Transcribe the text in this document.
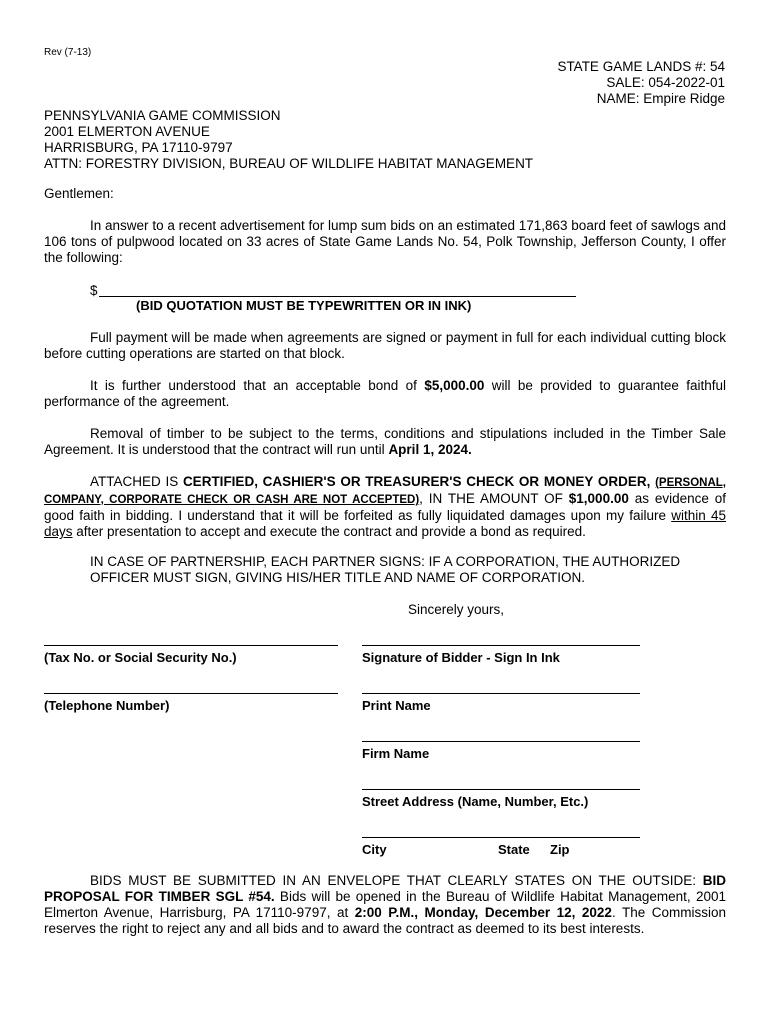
Rev (7-13)
STATE GAME LANDS #: 54
SALE: 054-2022-01
NAME: Empire Ridge
PENNSYLVANIA GAME COMMISSION
2001 ELMERTON AVENUE
HARRISBURG, PA 17110-9797
ATTN: FORESTRY DIVISION, BUREAU OF WILDLIFE HABITAT MANAGEMENT
Gentlemen:
In answer to a recent advertisement for lump sum bids on an estimated 171,863 board feet of sawlogs and 106 tons of pulpwood located on 33 acres of State Game Lands No. 54, Polk Township, Jefferson County, I offer the following:
$
(BID QUOTATION MUST BE TYPEWRITTEN OR IN INK)
Full payment will be made when agreements are signed or payment in full for each individual cutting block before cutting operations are started on that block.
It is further understood that an acceptable bond of $5,000.00 will be provided to guarantee faithful performance of the agreement.
Removal of timber to be subject to the terms, conditions and stipulations included in the Timber Sale Agreement. It is understood that the contract will run until April 1, 2024.
ATTACHED IS CERTIFIED, CASHIER'S OR TREASURER'S CHECK OR MONEY ORDER, (PERSONAL, COMPANY, CORPORATE CHECK OR CASH ARE NOT ACCEPTED), IN THE AMOUNT OF $1,000.00 as evidence of good faith in bidding. I understand that it will be forfeited as fully liquidated damages upon my failure within 45 days after presentation to accept and execute the contract and provide a bond as required.
IN CASE OF PARTNERSHIP, EACH PARTNER SIGNS: IF A CORPORATION, THE AUTHORIZED OFFICER MUST SIGN, GIVING HIS/HER TITLE AND NAME OF CORPORATION.
Sincerely yours,
(Tax No. or Social Security No.)	Signature of Bidder - Sign In Ink
(Telephone Number)	Print Name
Firm Name
Street Address (Name, Number, Etc.)
City	State Zip
BIDS MUST BE SUBMITTED IN AN ENVELOPE THAT CLEARLY STATES ON THE OUTSIDE: BID PROPOSAL FOR TIMBER SGL #54. Bids will be opened in the Bureau of Wildlife Habitat Management, 2001 Elmerton Avenue, Harrisburg, PA 17110-9797, at 2:00 P.M., Monday, December 12, 2022. The Commission reserves the right to reject any and all bids and to award the contract as deemed to its best interests.
